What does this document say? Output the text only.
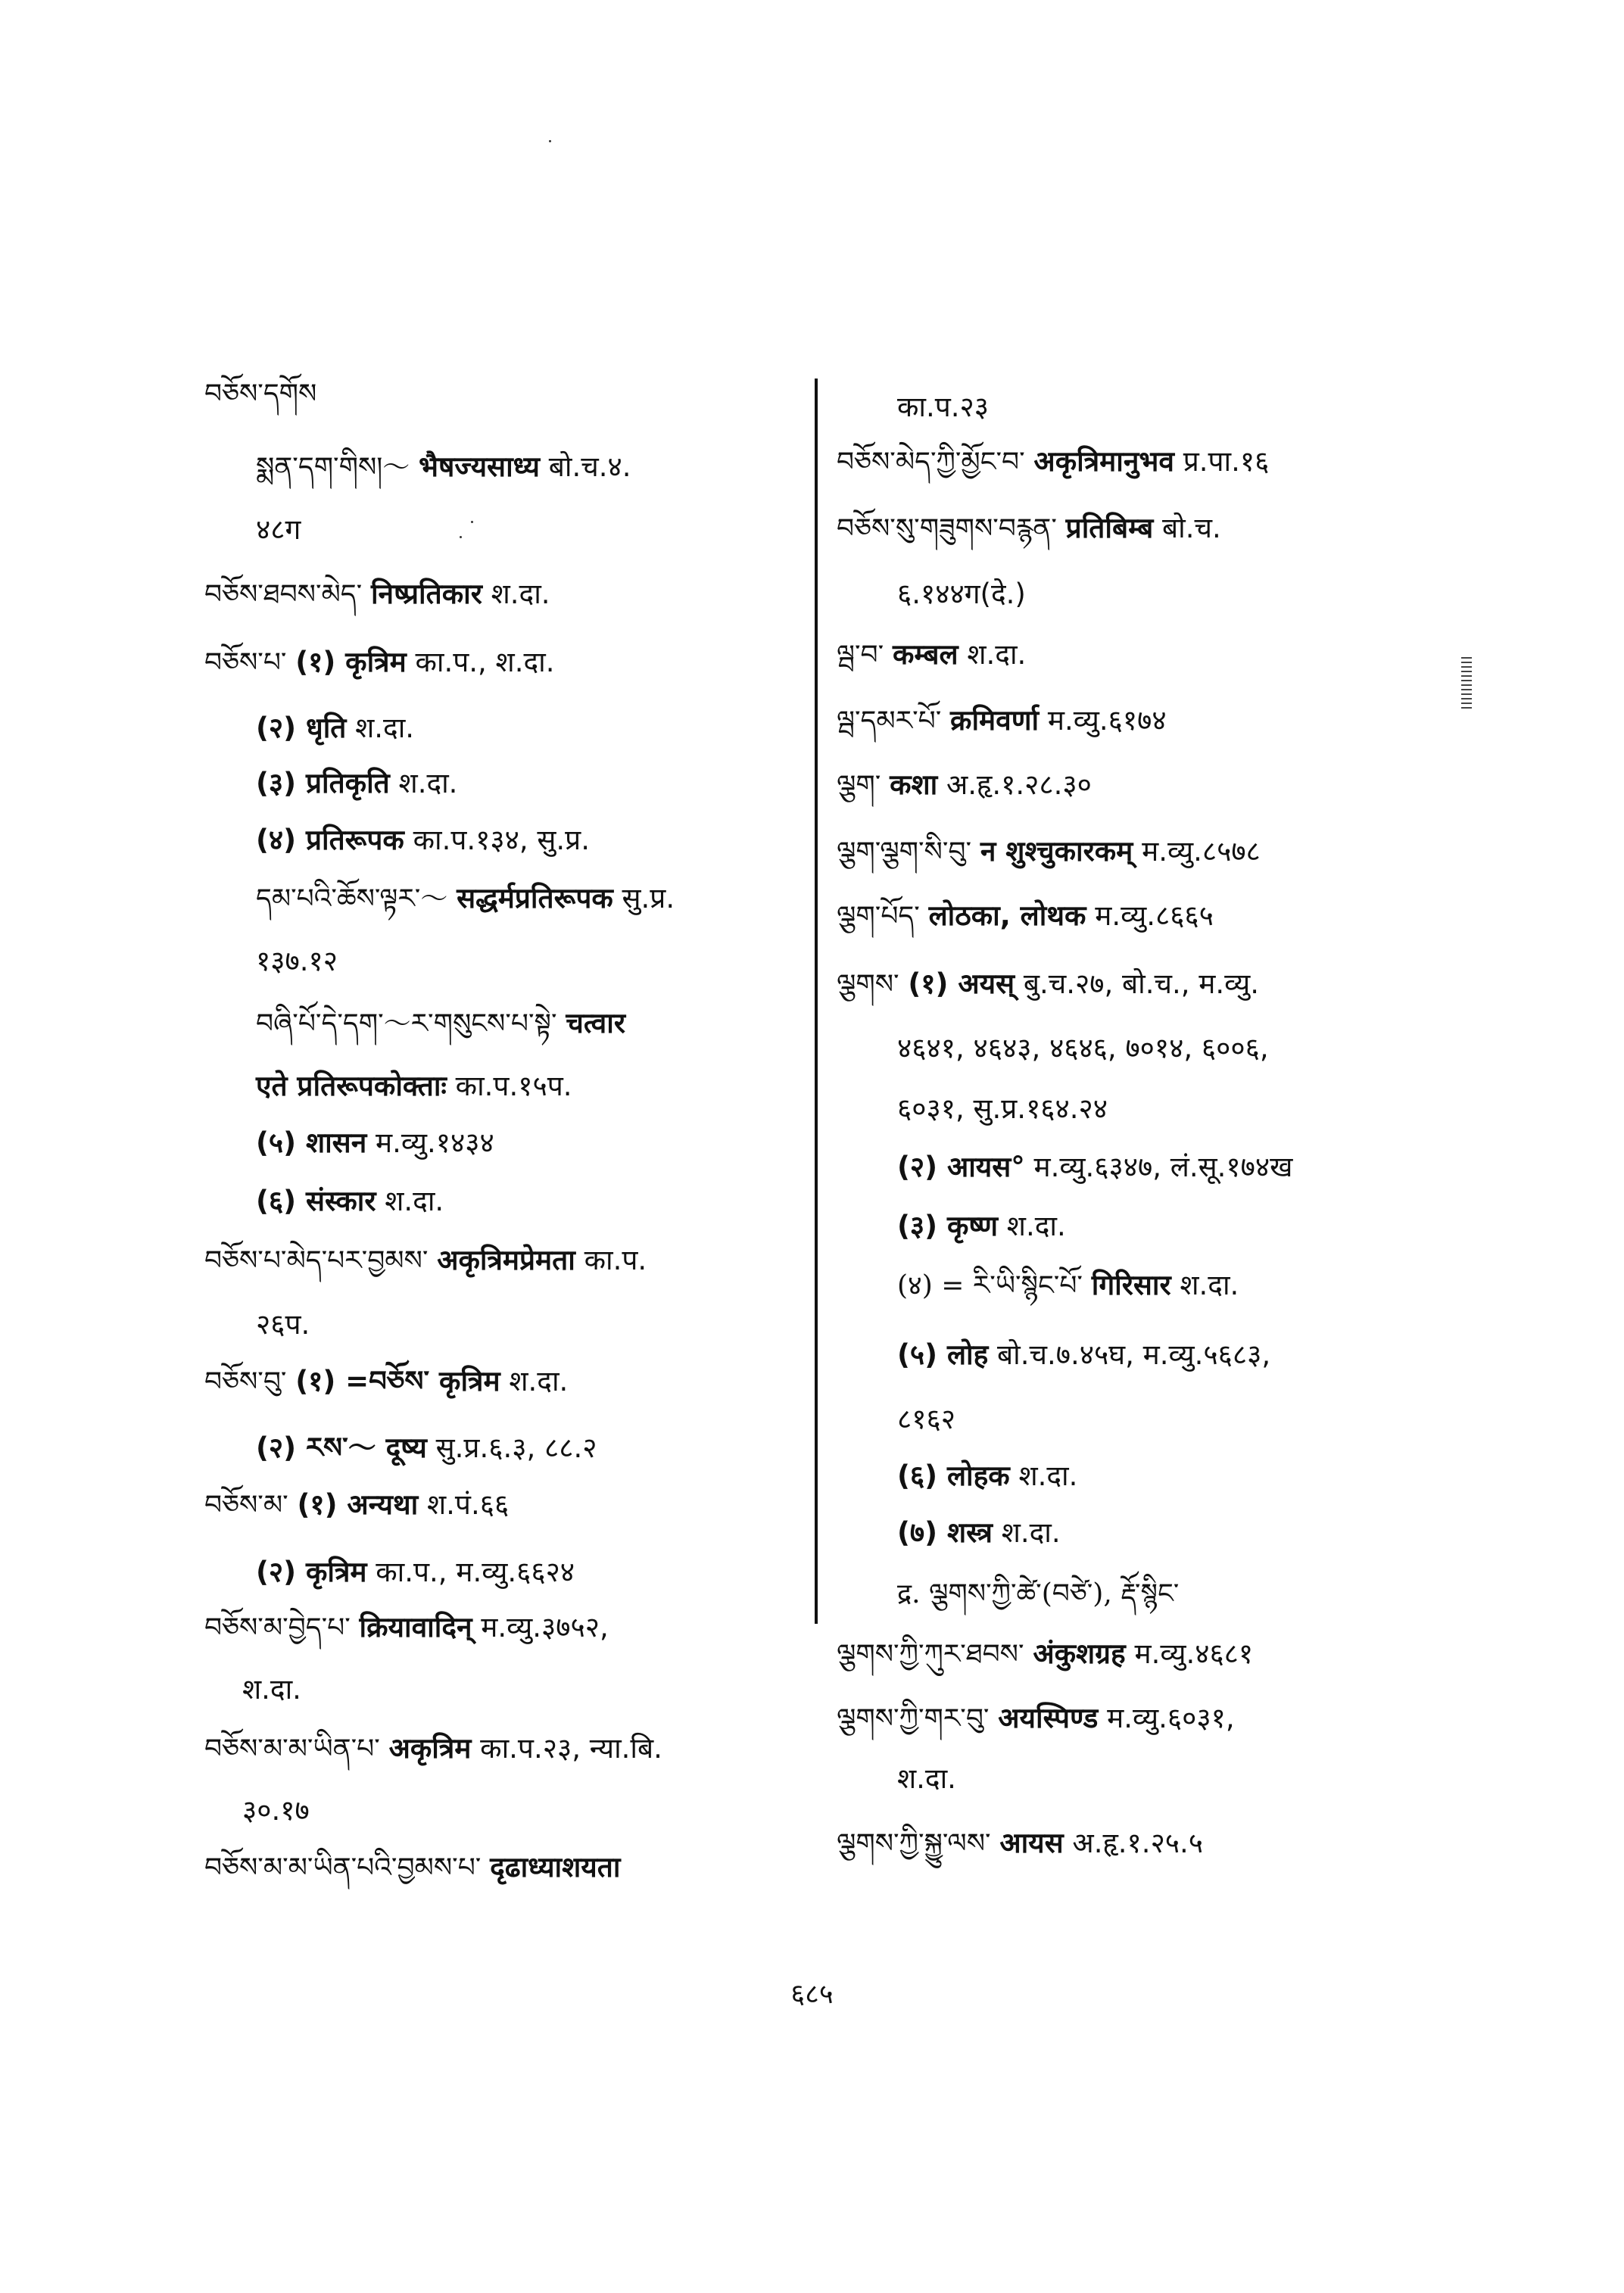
བཅོས་དགོས
སྨན་དག་གིས།～ भैषज्यसाध्य बो.च.४.
४८ग
བཅོས་ཐབས་མེད་ निष्प्रतिकार श.दा.
བཅོས་པ་ (१) कृत्रिम का.प., श.दा.
(२) धृति श.दा.
(३) प्रतिकृति श.दा.
(४) प्रतिरूपक का.प.१३४, सु.प्र.
དམ་པའི་ཆོས་ལྟར་～ सद्धर्मप्रतिरूपक सु.प्र.
१३७.१२
བཞི་པོ་དེ་དག་～ར་གསུངས་པ་སྟེ་ चत्वार
एते प्रतिरूपकोक्ताः का.प.१५प.
(५) शासन म.व्यु.१४३४
(६) संस्कार श.दा.
བཅོས་པ་མེད་པར་བྱམས་ अकृत्रिमप्रेमता का.प.
२६प.
བཅོས་བུ་ (१) =བཅོས་ कृत्रिम श.दा.
(२) རས་～ दूष्य सु.प्र.६.३, ८८.२
བཅོས་མ་ (१) अन्यथा श.पं.६६
(२) कृत्रिम का.प., म.व्यु.६६२४
བཅོས་མ་བྱེད་པ་ क्रियावादिन् म.व्यु.३७५२,
श.दा.
བཅོས་མ་མ་ཡིན་པ་ अकृत्रिम का.प.२३, न्या.बि.
३०.१७
བཅོས་མ་མ་ཡིན་པའི་བྱམས་པ་ दृढाध्याशयता
का.प.२३
བཅོས་མེད་ཀྱི་མྱོང་བ་ अकृत्रिमानुभव प्र.पा.१६
བཅོས་སུ་གཟུགས་བརྙན་ प्रतिबिम्ब बो.च.
६.१४४ग(दे.)
ལྦ་བ་ कम्बल श.दा.
ལྦ་དམར་པོ་ क्रमिवर्णा म.व्यु.६१७४
ལྕག་ कशा अ.हृ.१.२८.३०
ལྕག་ལྕག་སི་བུ་ न शुश्चुकारकम् म.व्यु.८५७८
ལྕག་པོད་ लोठका, लोथक म.व्यु.८६६५
ལྕགས་ (१) अयस् बु.च.२७, बो.च., म.व्यु.
४६४१, ४६४३, ४६४६, ७०१४, ६००६,
६०३१, सु.प्र.१६४.२४
(२) आयस° म.व्यु.६३४७, लं.सू.१७४ख
(३) कृष्ण श.दा.
(४) = རི་ཡི་སྙིང་པོ་ गिरिसार श.दा.
(५) लोह बो.च.७.४५घ, म.व्यु.५६८३,
८१६२
(६) लोहक श.दा.
(७) शस्त्र श.दा.
द्र. ལྕགས་ཀྱི་ཚེ་(བཙེ་), རྡོ་སྙིང་
ལྕགས་ཀྱི་ཀུར་ཐབས་ अंकुशग्रह म.व्यु.४६८१
ལྕགས་ཀྱི་གར་བུ་ अयस्पिण्ड म.व्यु.६०३१,
श.दा.
ལྕགས་ཀྱི་སྐྱུ་ལས་ आयस अ.हृ.१.२५.५
६८५
